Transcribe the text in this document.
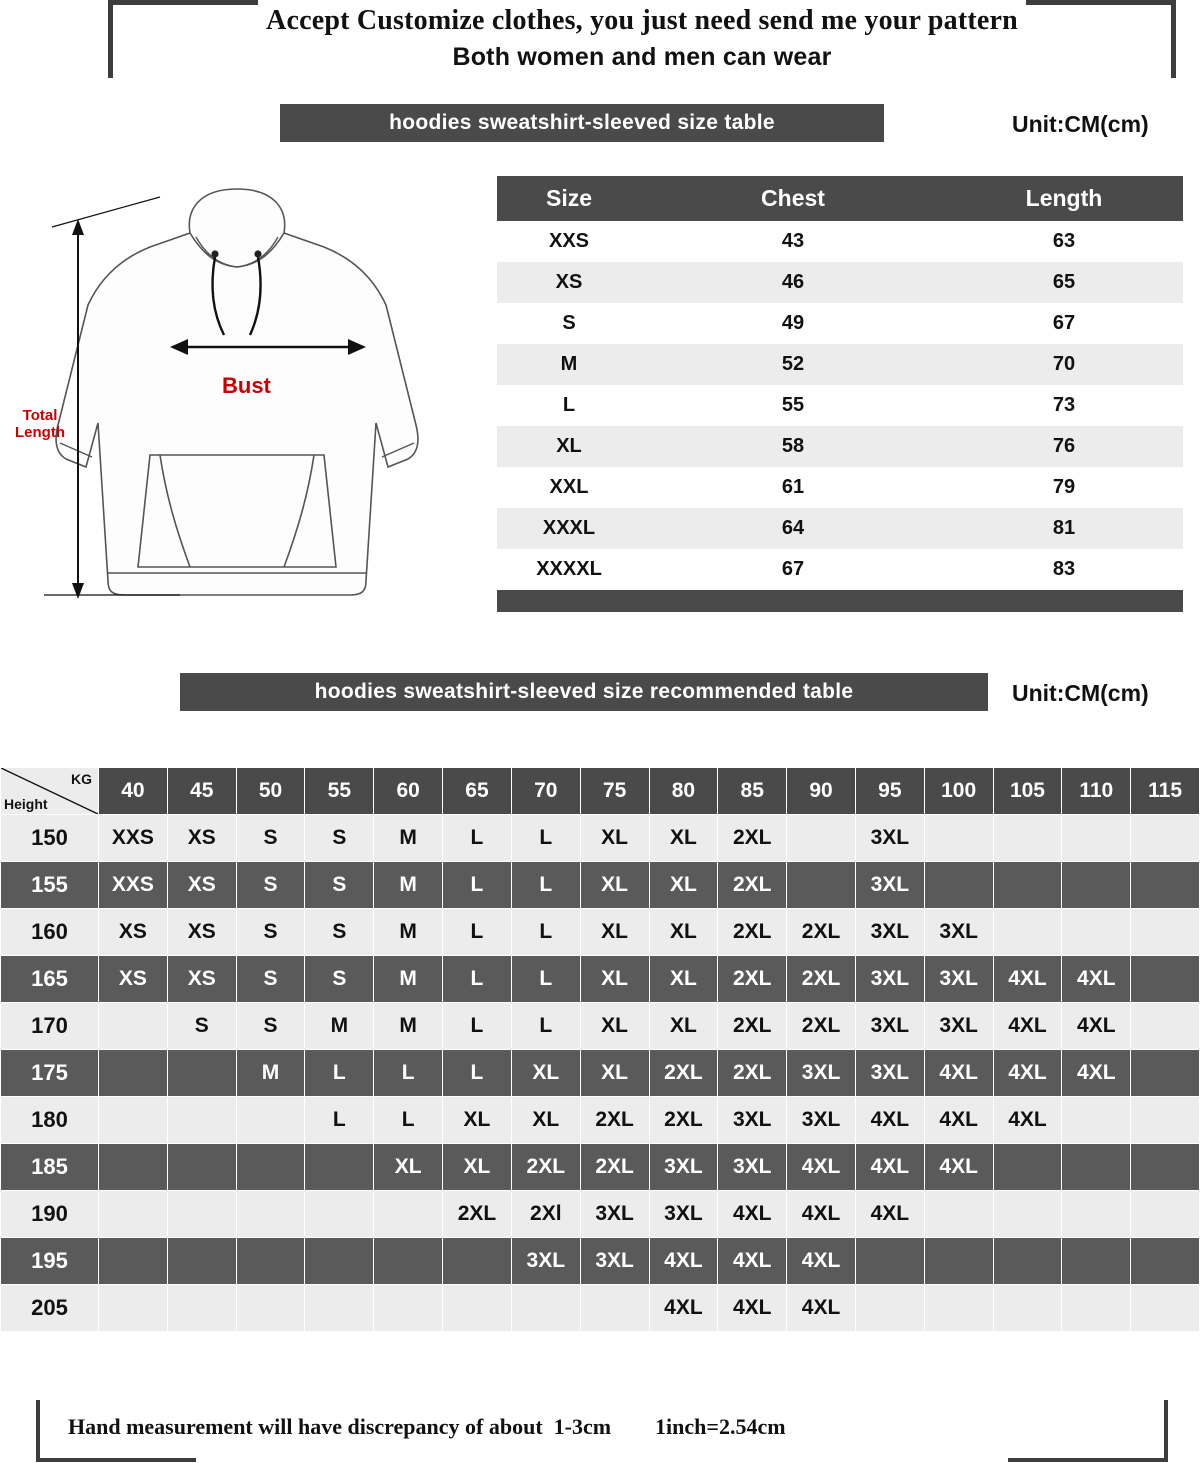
Accept Customize clothes, you just need send me your pattern
Both women and men can wear
hoodies sweatshirt-sleeved size table	Unit:CM(cm)
Total
Length
Bust
Size	Chest	Length
XXS	43	63
XS	46	65
S	49	67
M	52	70
L	55	73
XL	58	76
XXL	61	79
XXXL	64	81
XXXXL	67	83

hoodies sweatshirt-sleeved size recommended table	Unit:CM(cm)
KG
Height	40	45	50	55	60	65	70	75	80	85	90	95	100	105	110	115
150	XXS	XS	S	S	M	L	L	XL	XL	2XL		3XL				
155	XXS	XS	S	S	M	L	L	XL	XL	2XL		3XL				
160	XS	XS	S	S	M	L	L	XL	XL	2XL	2XL	3XL	3XL			
165	XS	XS	S	S	M	L	L	XL	XL	2XL	2XL	3XL	3XL	4XL	4XL	
170		S	S	M	M	L	L	XL	XL	2XL	2XL	3XL	3XL	4XL	4XL	
175			M	L	L	L	XL	XL	2XL	2XL	3XL	3XL	4XL	4XL	4XL	
180				L	L	XL	XL	2XL	2XL	3XL	3XL	4XL	4XL	4XL		
185					XL	XL	2XL	2XL	3XL	3XL	4XL	4XL	4XL			
190						2XL	2Xl	3XL	3XL	4XL	4XL	4XL				
195							3XL	3XL	4XL	4XL	4XL					
205									4XL	4XL	4XL					
Hand measurement will have discrepancy of about  1-3cm        1inch=2.54cm
